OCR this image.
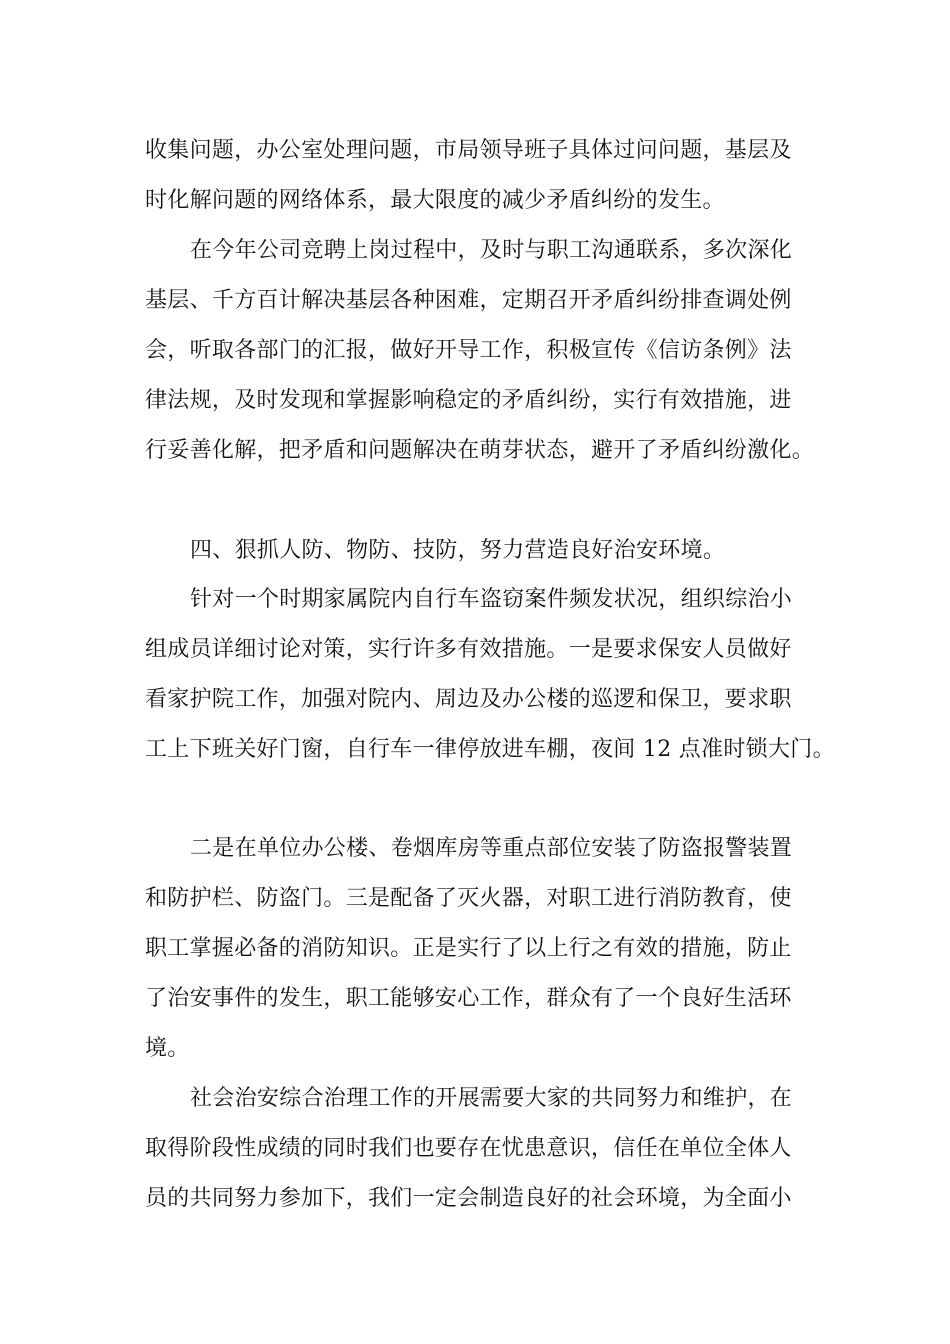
收集问题，办公室处理问题，市局领导班子具体过问问题，基层及
时化解问题的网络体系，最大限度的减少矛盾纠纷的发生。
在今年公司竞聘上岗过程中，及时与职工沟通联系，多次深化
基层、千方百计解决基层各种困难，定期召开矛盾纠纷排查调处例
会，听取各部门的汇报，做好开导工作，积极宣传《信访条例》法
律法规，及时发现和掌握影响稳定的矛盾纠纷，实行有效措施，进
行妥善化解，把矛盾和问题解决在萌芽状态，避开了矛盾纠纷激化。
四、狠抓人防、物防、技防，努力营造良好治安环境。
针对一个时期家属院内自行车盗窃案件频发状况，组织综治小
组成员详细讨论对策，实行许多有效措施。一是要求保安人员做好
看家护院工作，加强对院内、周边及办公楼的巡逻和保卫，要求职
工上下班关好门窗，自行车一律停放进车棚，夜间 12 点准时锁大门。
二是在单位办公楼、卷烟库房等重点部位安装了防盗报警装置
和防护栏、防盗门。三是配备了灭火器，对职工进行消防教育，使
职工掌握必备的消防知识。正是实行了以上行之有效的措施，防止
了治安事件的发生，职工能够安心工作，群众有了一个良好生活环
境。
社会治安综合治理工作的开展需要大家的共同努力和维护，在
取得阶段性成绩的同时我们也要存在忧患意识，信任在单位全体人
员的共同努力参加下，我们一定会制造良好的社会环境，为全面小
